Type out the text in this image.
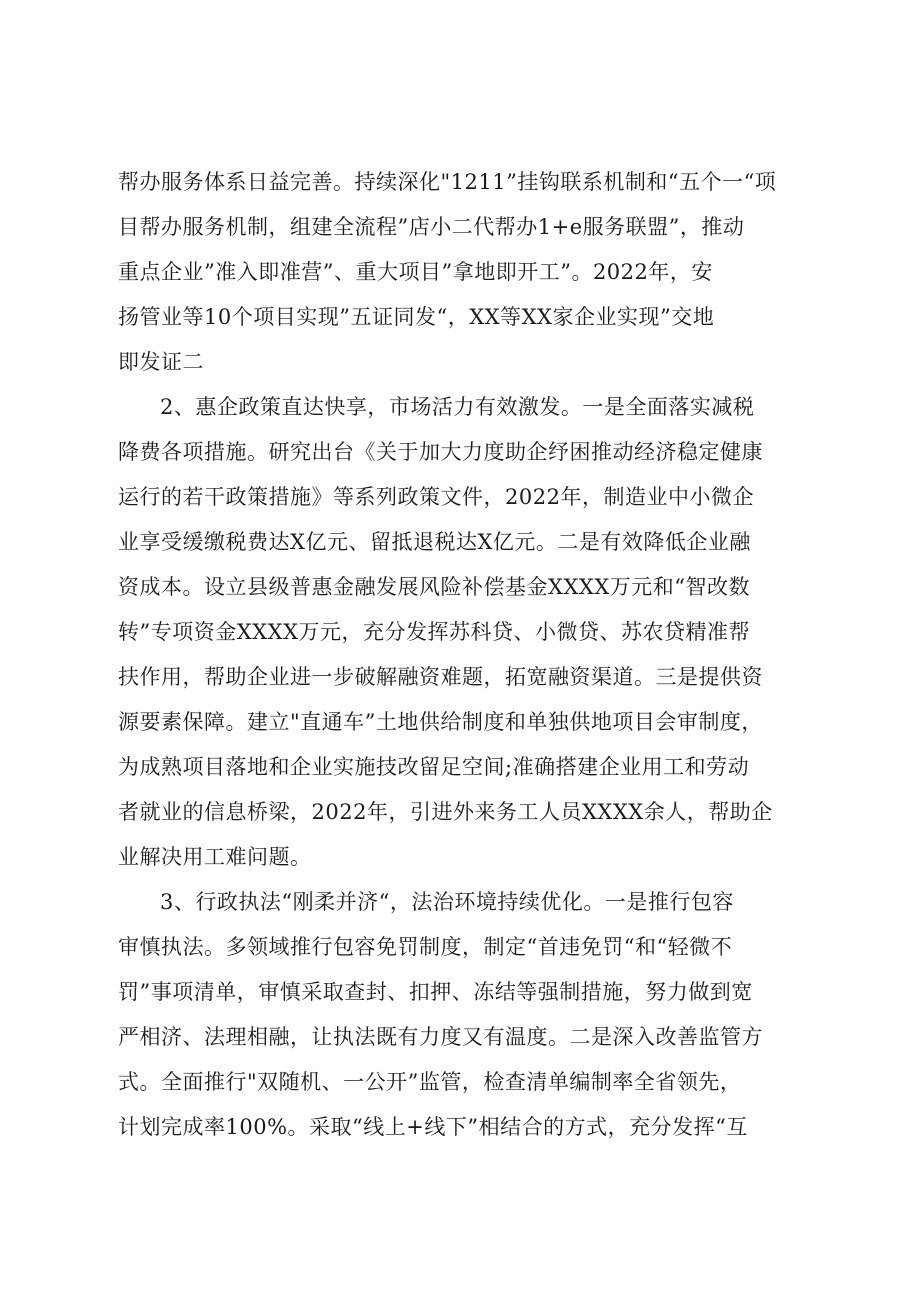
帮办服务体系日益完善。持续深化"1211”挂钩联系机制和“五个一“项
目帮办服务机制，组建全流程”店小二代帮办1+e服务联盟”，推动
重点企业”准入即准营”、重大项目”拿地即开工”。2022年，安
扬管业等10个项目实现”五证同发“，XX等XX家企业实现”交地
即发证二
2、惠企政策直达快享，市场活力有效激发。一是全面落实减税
降费各项措施。研究出台《关于加大力度助企纾困推动经济稳定健康
运行的若干政策措施》等系列政策文件，2022年，制造业中小微企
业享受缓缴税费达X亿元、留抵退税达X亿元。二是有效降低企业融
资成本。设立县级普惠金融发展风险补偿基金XXXX万元和“智改数
转”专项资金XXXX万元，充分发挥苏科贷、小微贷、苏农贷精准帮
扶作用，帮助企业进一步破解融资难题，拓宽融资渠道。三是提供资
源要素保障。建立"直通车”土地供给制度和单独供地项目会审制度，
为成熟项目落地和企业实施技改留足空间;准确搭建企业用工和劳动
者就业的信息桥梁，2022年，引进外来务工人员XXXX余人，帮助企
业解决用工难问题。
3、行政执法“刚柔并济“，法治环境持续优化。一是推行包容
审慎执法。多领域推行包容免罚制度，制定“首违免罚“和“轻微不
罚”事项清单，审慎采取查封、扣押、冻结等强制措施，努力做到宽
严相济、法理相融，让执法既有力度又有温度。二是深入改善监管方
式。全面推行"双随机、一公开”监管，检查清单编制率全省领先，
计划完成率100%。采取“线上+线下”相结合的方式，充分发挥“互
